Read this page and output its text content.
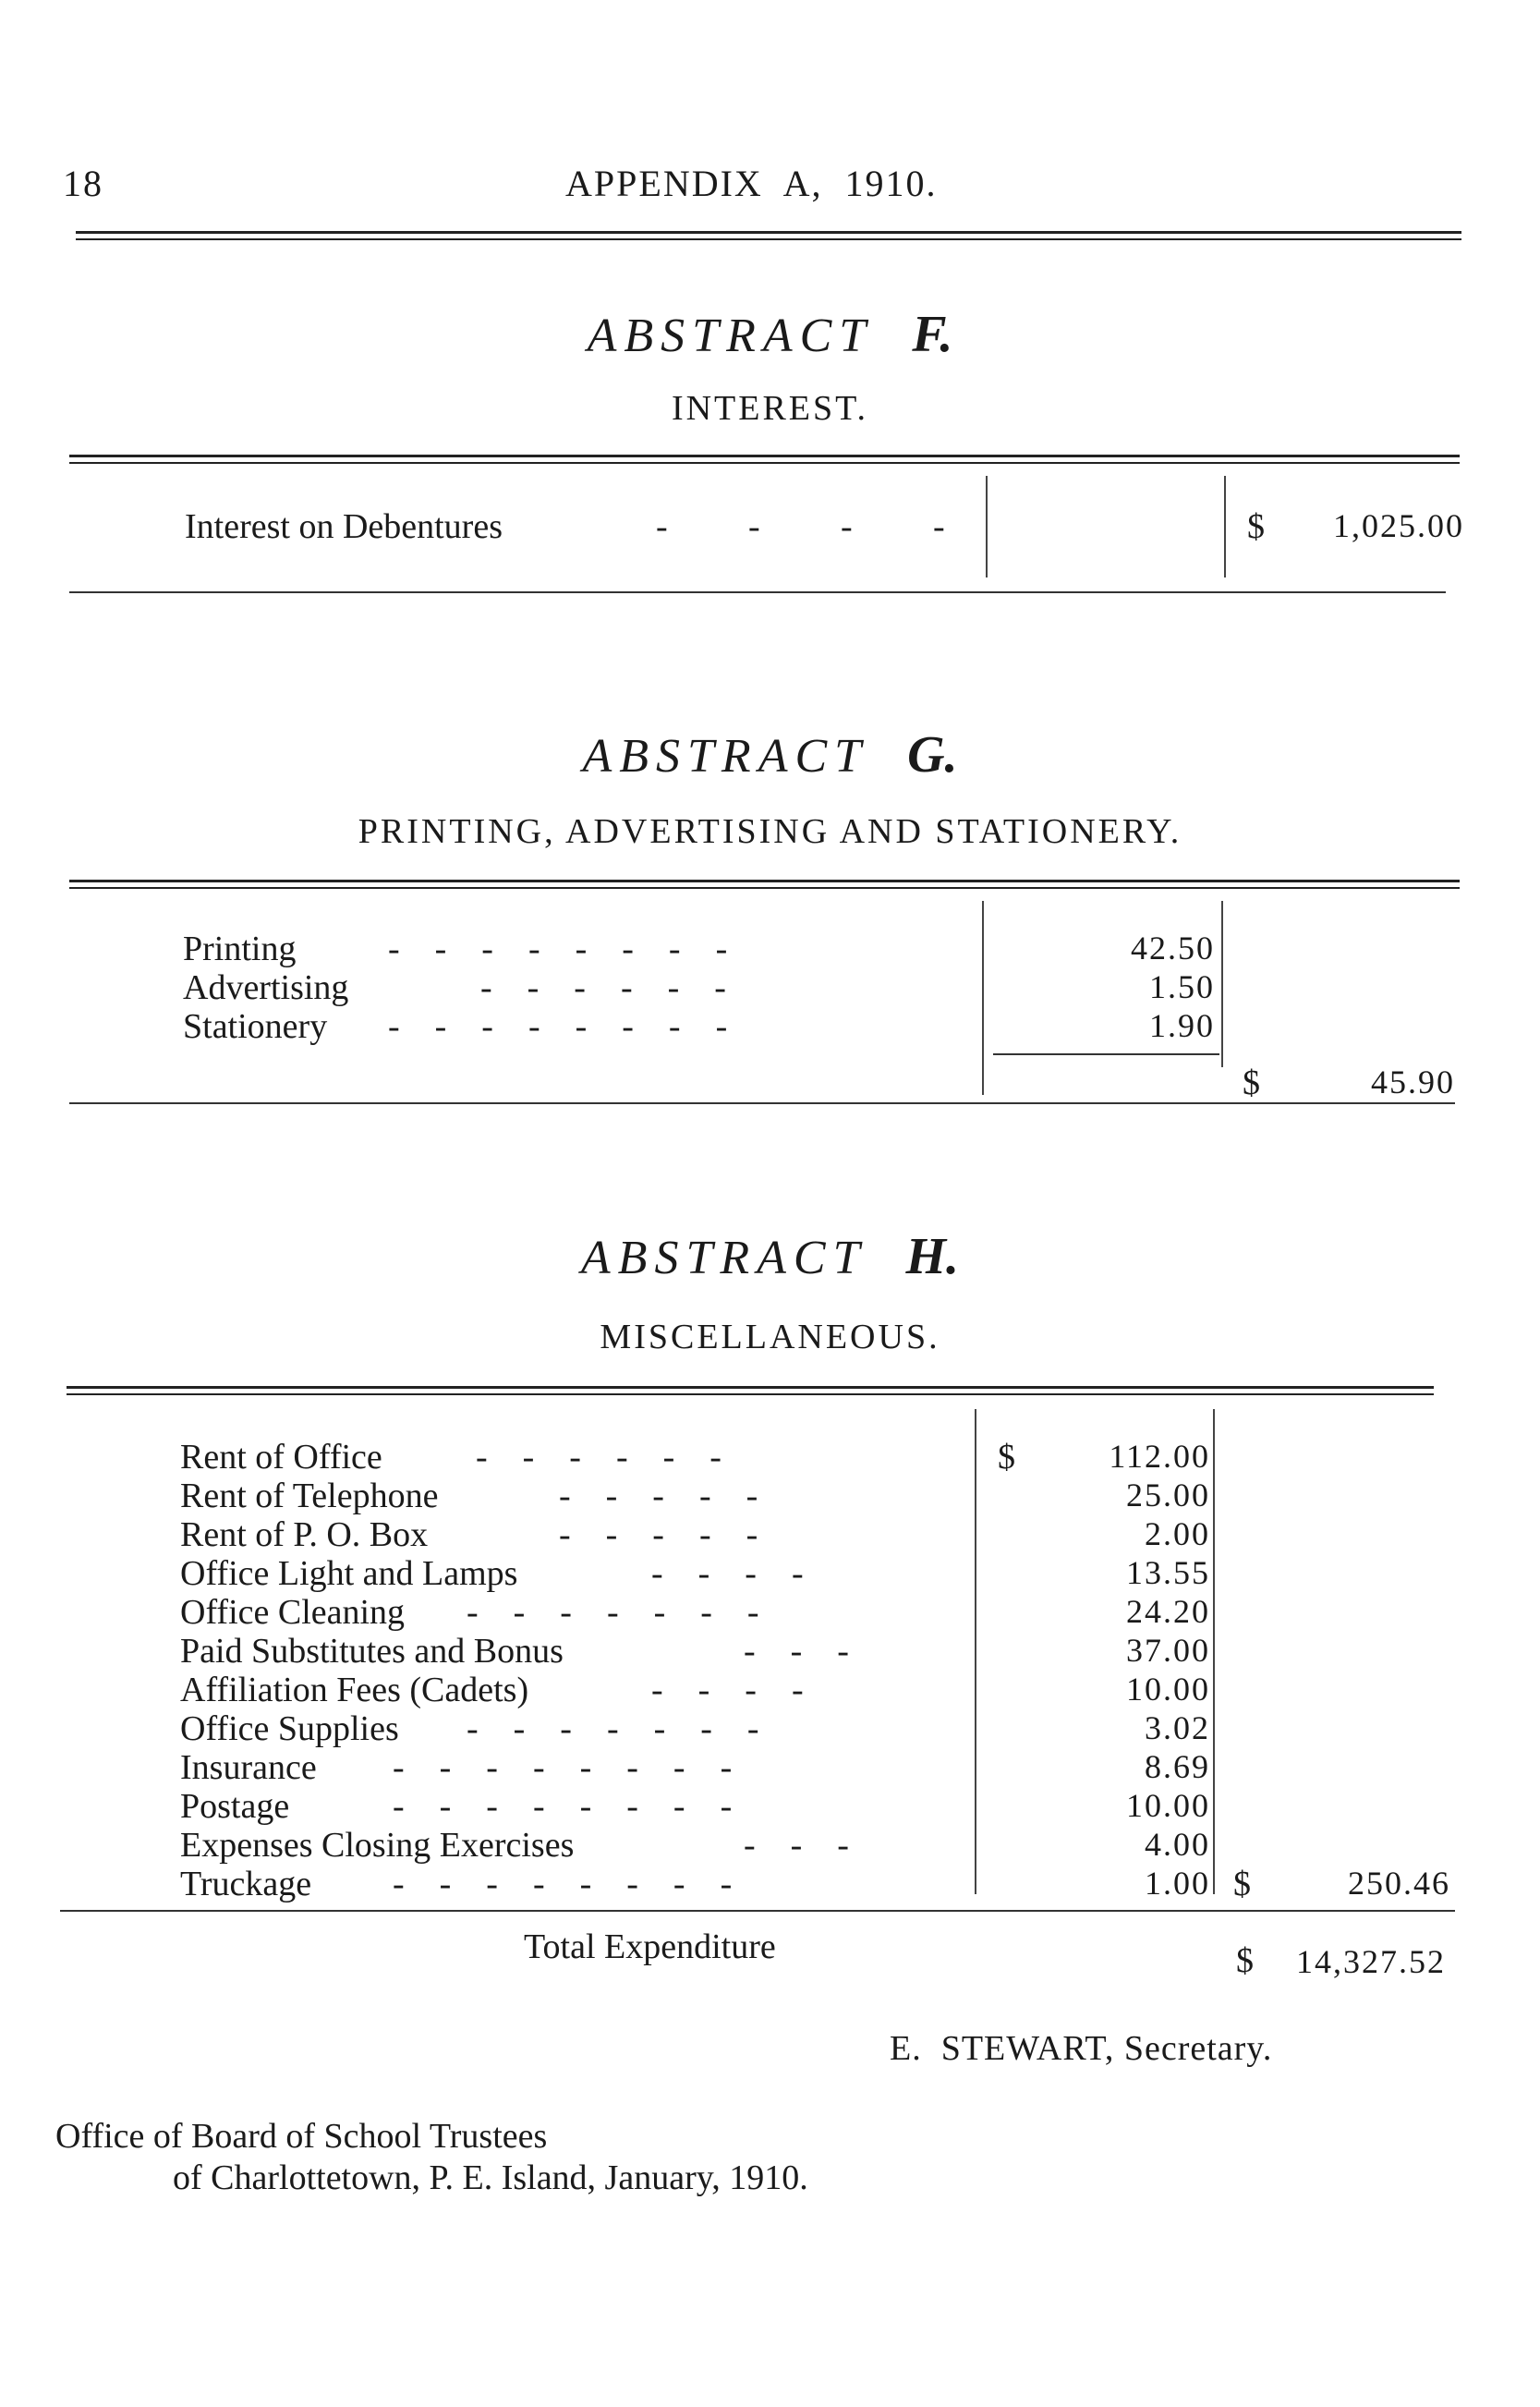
18	APPENDIX  A,  1910.
ABSTRACT F.
INTEREST.
Interest on Debentures	- - - -	$	1,025.00
ABSTRACT G.
PRINTING, ADVERTISING AND STATIONERY.
Printing	-    -    -    -    -    -    -    -	42.50
Advertising	-    -    -    -    -    -	1.50
Stationery -    -    -    -    -    -    -    -	1.90
$	45.90
ABSTRACT H.
MISCELLANEOUS.
$
Rent of Office	-    -    -    -    -    -	112.00
Rent of Telephone	-    -    -    -    -	25.00
Rent of P. O. Box	-    -    -    -    -	2.00
Office Light and Lamps	-    -    -    -	13.55
Office Cleaning -    -    -    -    -    -    -	24.20
Paid Substitutes and Bonus	-    -    -	37.00
Affiliation Fees (Cadets)	-    -    -    -	10.00
Office Supplies -    -    -    -    -    -    -	3.02
Insurance -    -    -    -    -    -    -    -	8.69
Postage	-    -    -    -    -    -    -    -	10.00
Expenses Closing Exercises	-    -    -	4.00
Truckage -    -    -    -    -    -    -    -	1.00 $	250.46
Total Expenditure	$	14,327.52
E.  STEWART, Secretary.
Office of Board of School Trustees
of Charlottetown, P. E. Island, January, 1910.
